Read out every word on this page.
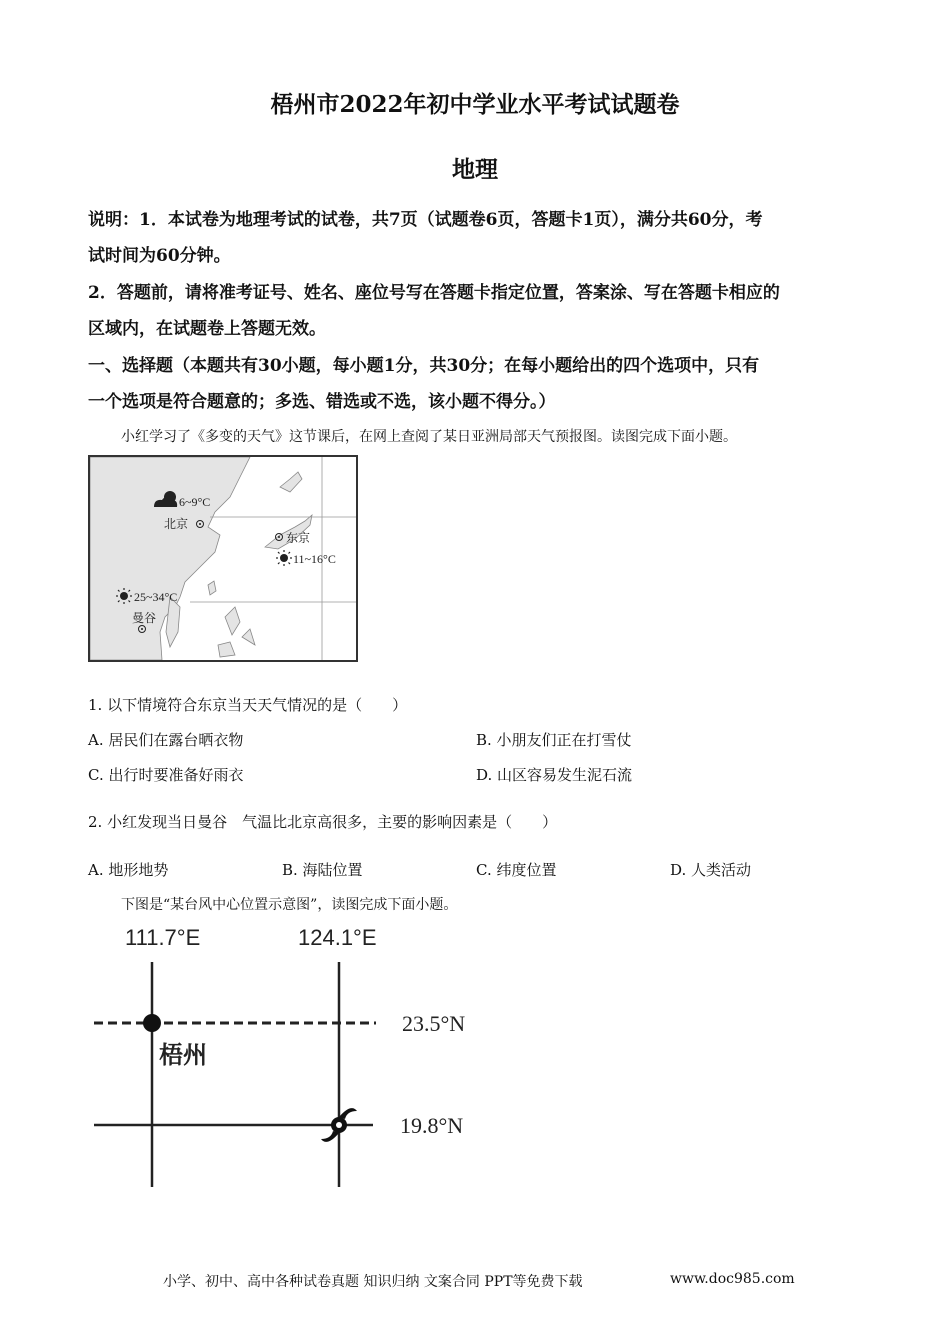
梧州市2022年初中学业水平考试试题卷
地理
说明：1．本试卷为地理考试的试卷，共7页（试题卷6页，答题卡1页），满分共60分，考
试时间为60分钟。
2．答题前，请将准考证号、姓名、座位号写在答题卡指定位置，答案涂、写在答题卡相应的
区域内，在试题卷上答题无效。
一、选择题（本题共有30小题，每小题1分，共30分；在每小题给出的四个选项中，只有
一个选项是符合题意的；多选、错选或不选，该小题不得分。）
小红学习了《多变的天气》这节课后，在网上查阅了某日亚洲局部天气预报图。读图完成下面小题。
6~9°C
北京
东京
11~16°C
25~34°C
曼谷
1. 以下情境符合东京当天天气情况的是（　　）
A. 居民们在露台晒衣物	B. 小朋友们正在打雪仗
C. 出行时要准备好雨衣	D. 山区容易发生泥石流
2. 小红发现当日曼谷　气温比北京高很多，主要的影响因素是（　　）
A. 地形地势	B. 海陆位置	C. 纬度位置	D. 人类活动
下图是“某台风中心位置示意图”，读图完成下面小题。
111.7°E	124.1°E
23.5°N
19.8°N
梧州
小学、初中、高中各种试卷真题 知识归纳 文案合同 PPT等免费下载	www.doc985.com
